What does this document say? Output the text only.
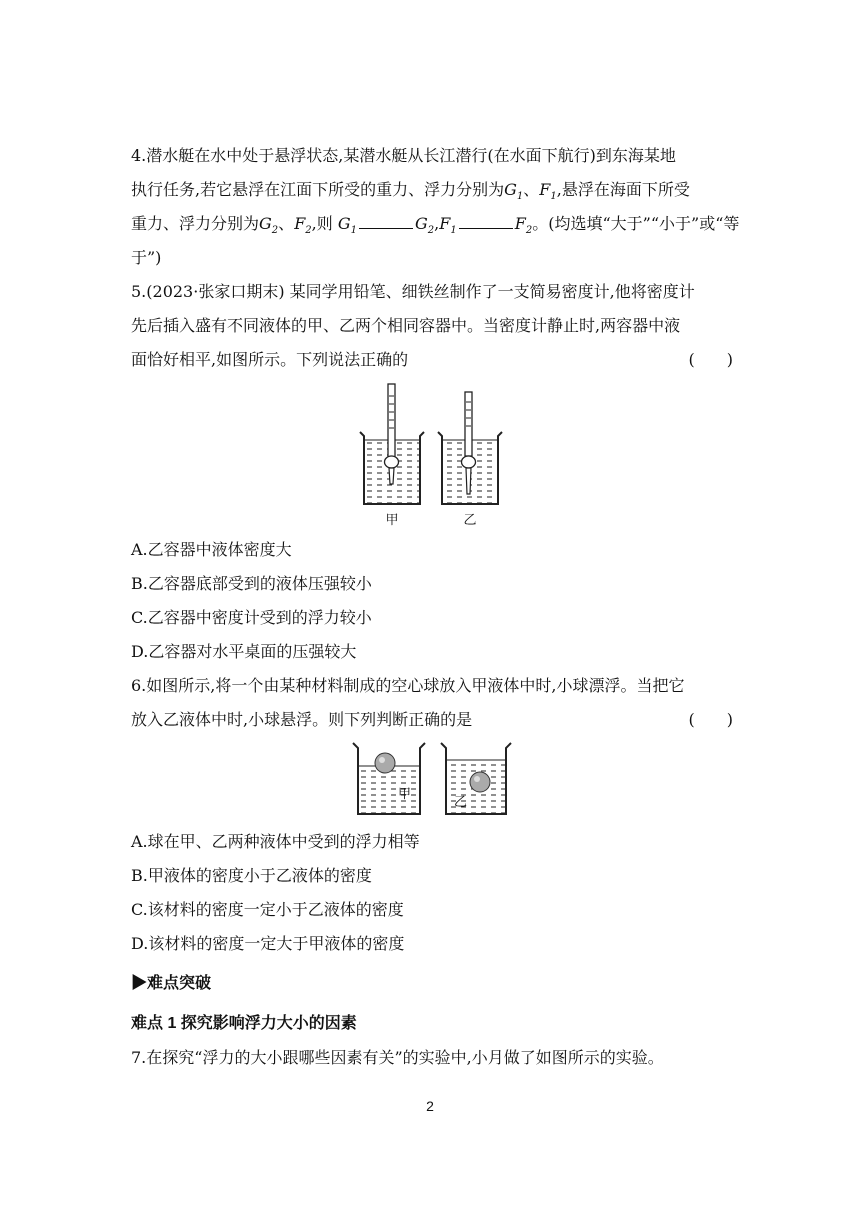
4.潜水艇在水中处于悬浮状态,某潜水艇从长江潜行(在水面下航行)到东海某地
执行任务,若它悬浮在江面下所受的重力、浮力分别为$G_1$、$F_1$,悬浮在海面下所受
重力、浮力分别为$G_2$、$F_2$,则 $G_1$	$G_2,F_1$	$F_2$。(均选填“大于”“小于”或“等
于”)
5.(2023·张家口期末) 某同学用铅笔、细铁丝制作了一支简易密度计,他将密度计
先后插入盛有不同液体的甲、乙两个相同容器中。当密度计静止时,两容器中液
面恰好相平,如图所示。下列说法正确的	(　　)
甲	乙
A.乙容器中液体密度大
B.乙容器底部受到的液体压强较小
C.乙容器中密度计受到的浮力较小
D.乙容器对水平桌面的压强较大
6.如图所示,将一个由某种材料制成的空心球放入甲液体中时,小球漂浮。当把它
放入乙液体中时,小球悬浮。则下列判断正确的是	(　　)
甲
乙
A.球在甲、乙两种液体中受到的浮力相等
B.甲液体的密度小于乙液体的密度
C.该材料的密度一定小于乙液体的密度
D.该材料的密度一定大于甲液体的密度
▶难点突破
难点 1 探究影响浮力大小的因素
7.在探究“浮力的大小跟哪些因素有关”的实验中,小月做了如图所示的实验。
2
